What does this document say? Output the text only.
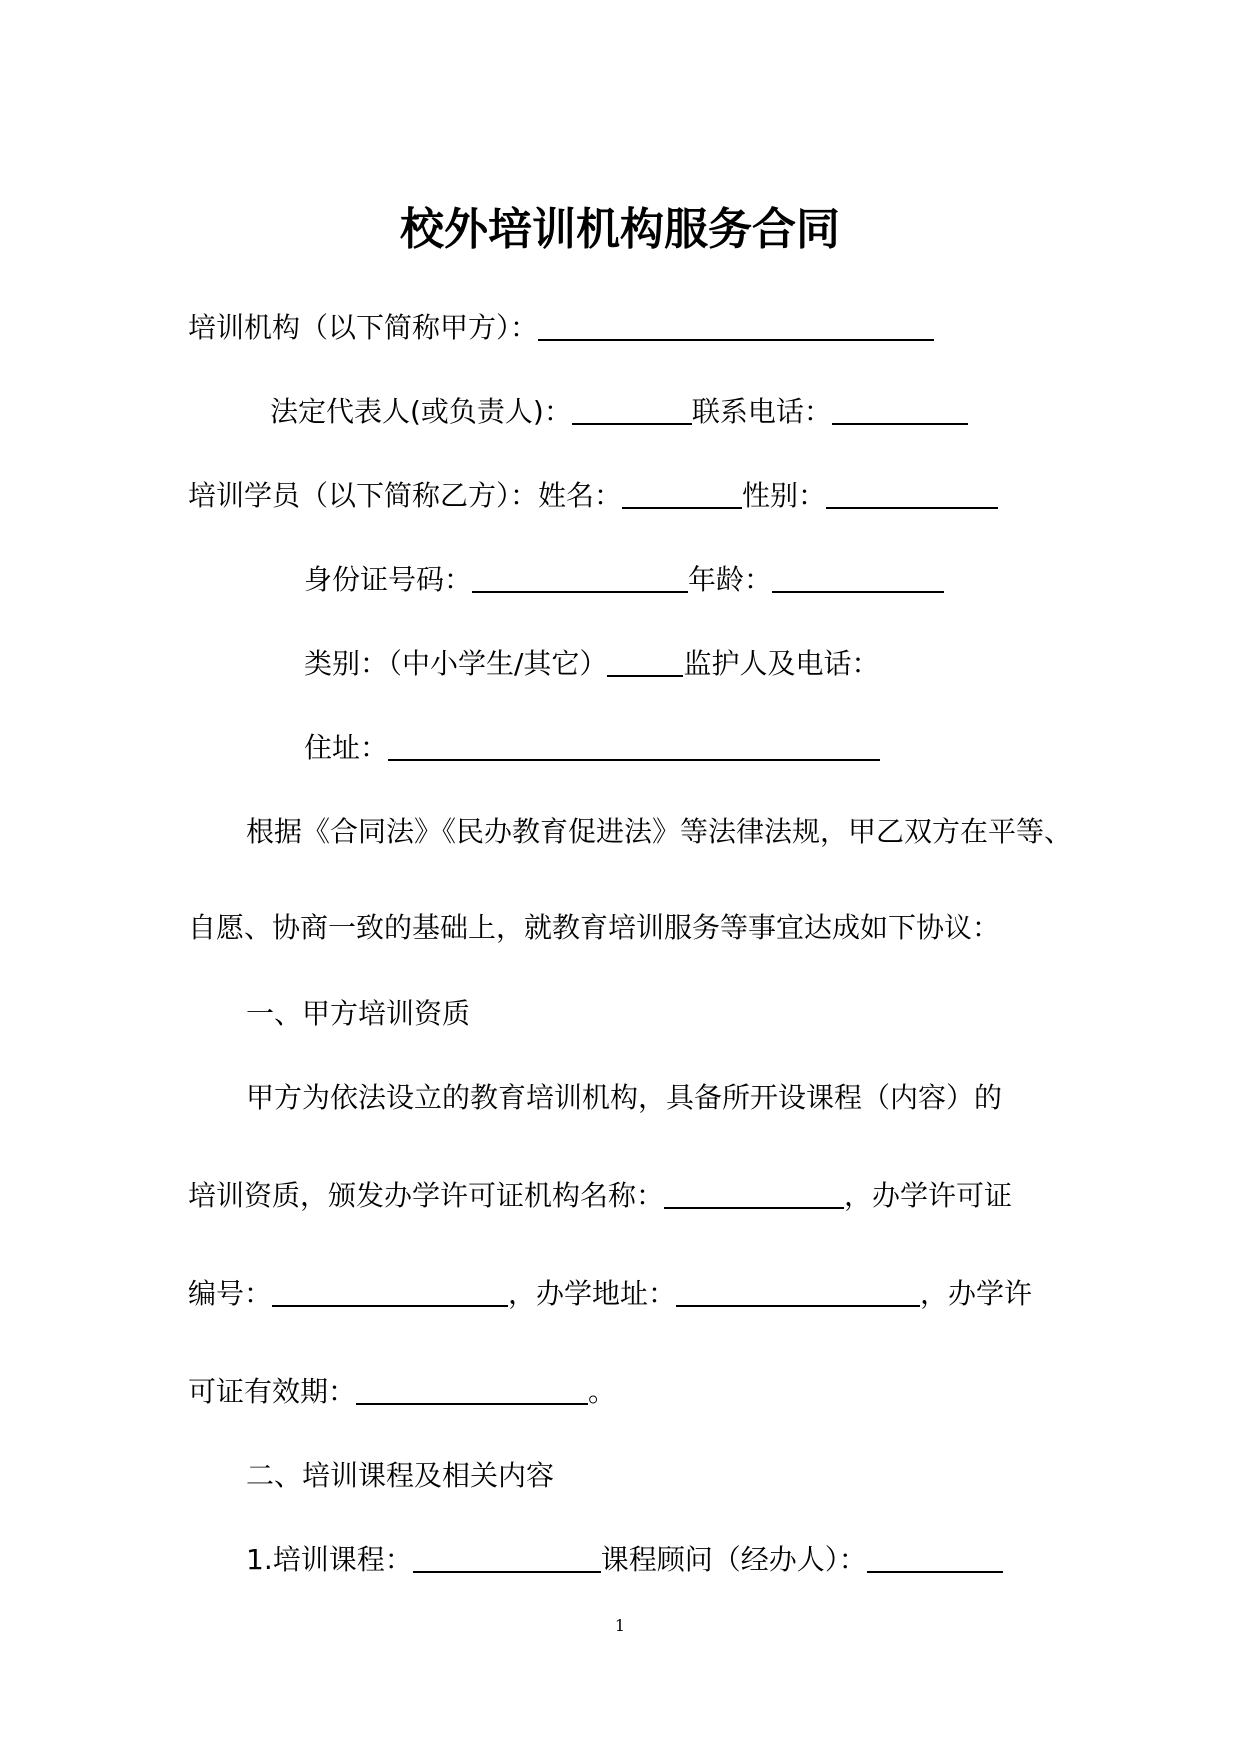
校外培训机构服务合同
培训机构（以下简称甲方）：
法定代表人(或负责人)：	联系电话：
培训学员（以下简称乙方）：姓名：	性别：
身份证号码：	年龄：
类别：（中小学生/其它）	监护人及电话：
住址：
根据《合同法》《民办教育促进法》等法律法规，甲乙双方在平等、
自愿、协商一致的基础上，就教育培训服务等事宜达成如下协议：
一、甲方培训资质
甲方为依法设立的教育培训机构，具备所开设课程（内容）的
培训资质，颁发办学许可证机构名称：	，办学许可证
编号：	，办学地址：	，办学许
可证有效期：	。
二、培训课程及相关内容
1.培训课程：	课程顾问（经办人）：
1
